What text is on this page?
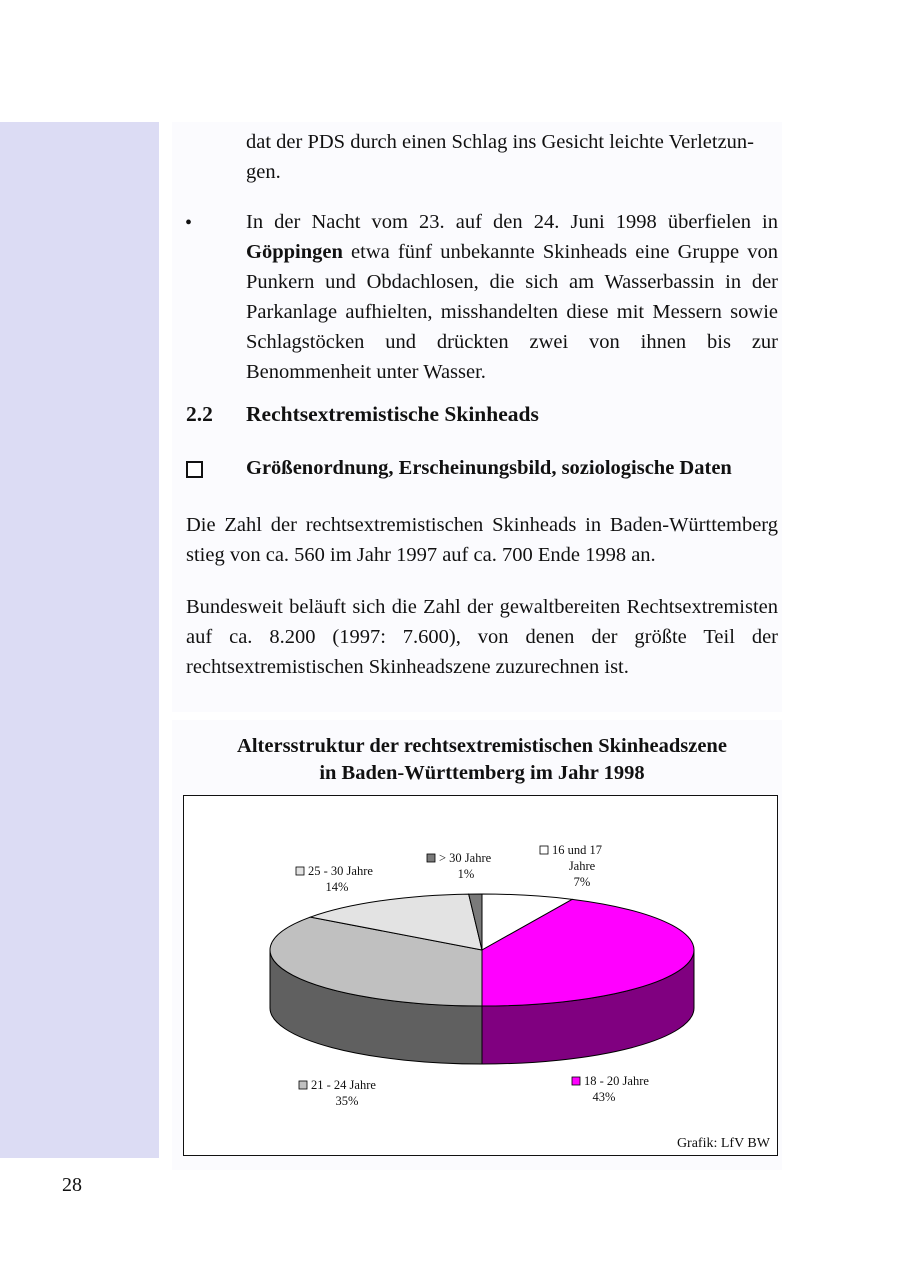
28
dat der PDS durch einen Schlag ins Gesicht leichte Verletzun-
gen.
•	In der Nacht vom 23. auf den 24. Juni 1998 überfielen in Göppingen etwa fünf unbekannte Skinheads eine Gruppe von Punkern und Obdachlosen, die sich am Wasserbassin in der Parkanlage aufhielten, misshandelten diese mit Messern sowie Schlagstöcken und drückten zwei von ihnen bis zur Benommenheit unter Wasser.
2.2 Rechtsextremistische Skinheads
Größenordnung, Erscheinungsbild, soziologische Daten
Die Zahl der rechtsextremistischen Skinheads in Baden-Württemberg stieg von ca. 560 im Jahr 1997 auf ca. 700 Ende 1998 an.
Bundesweit beläuft sich die Zahl der gewaltbereiten Rechtsextremisten auf ca. 8.200 (1997: 7.600), von denen der größte Teil der rechtsextremistischen Skinheadszene zuzurechnen ist.
Altersstruktur der rechtsextremistischen Skinheadszene
in Baden-Württemberg im Jahr 1998
16 und 17
Jahre
7%
18 - 20 Jahre
43%
21 - 24 Jahre
35%
25 - 30 Jahre
14%
> 30 Jahre
1%
Grafik: LfV BW
